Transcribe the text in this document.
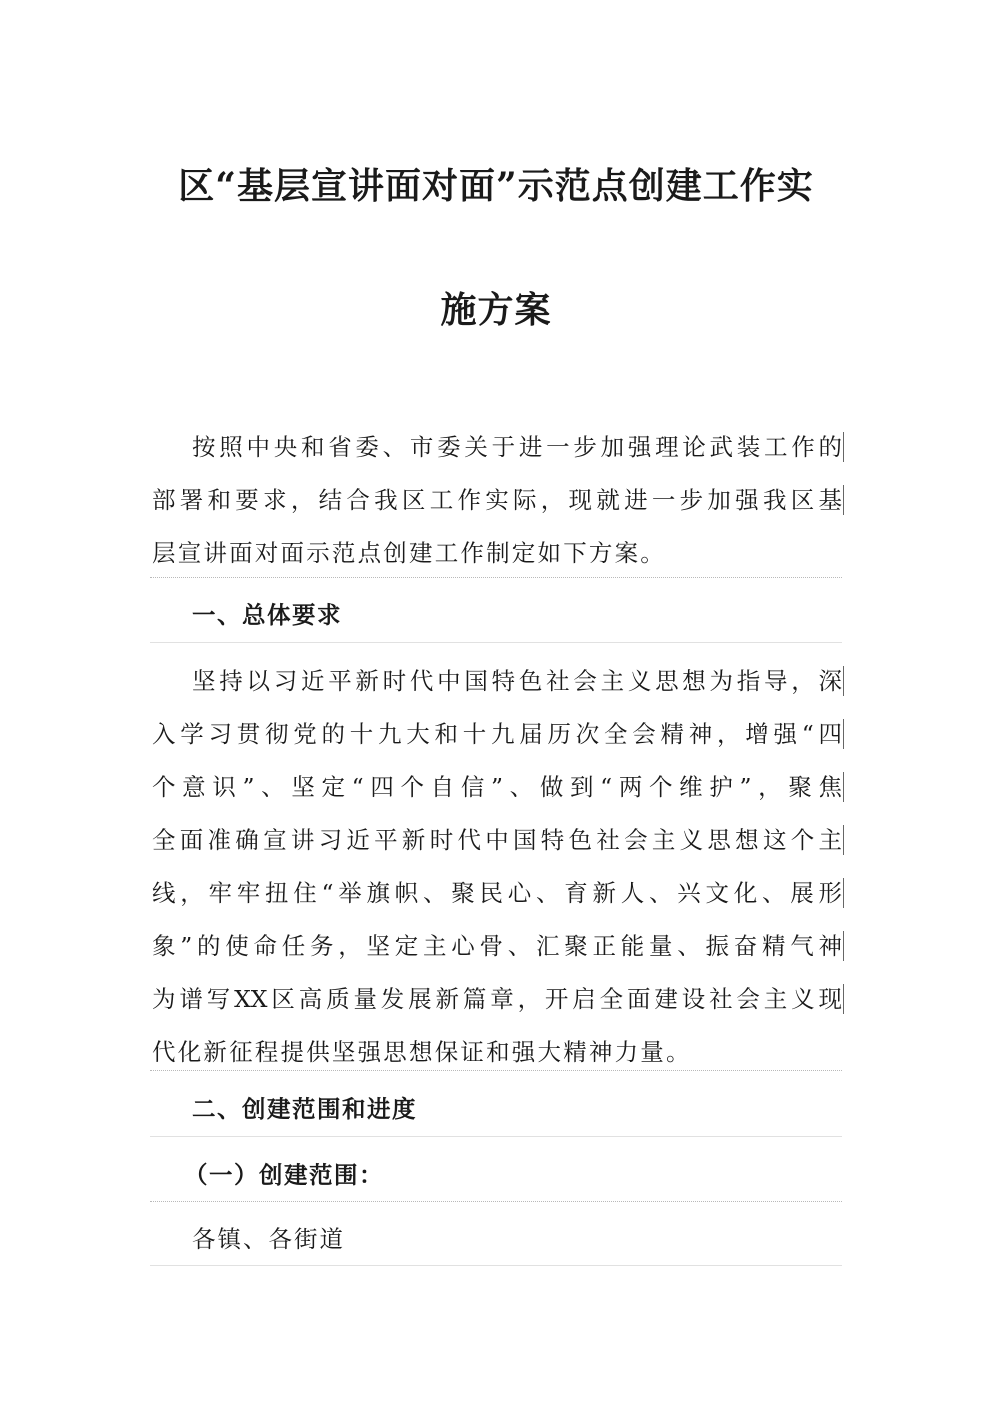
区“基层宣讲面对面”示范点创建工作实
施方案
按照中央和省委、市委关于进一步加强理论武装工作的
部署和要求，结合我区工作实际，现就进一步加强我区基
层宣讲面对面示范点创建工作制定如下方案。
一、总体要求
坚持以习近平新时代中国特色社会主义思想为指导，深
入学习贯彻党的十九大和十九届历次全会精神，增强“四
个意识”、坚定“四个自信”、做到“两个维护”，聚焦
全面准确宣讲习近平新时代中国特色社会主义思想这个主
线，牢牢扭住“举旗帜、聚民心、育新人、兴文化、展形
象”的使命任务，坚定主心骨、汇聚正能量、振奋精气神
为谱写XX区高质量发展新篇章，开启全面建设社会主义现
代化新征程提供坚强思想保证和强大精神力量。
二、创建范围和进度
（一）创建范围：
各镇、各街道
